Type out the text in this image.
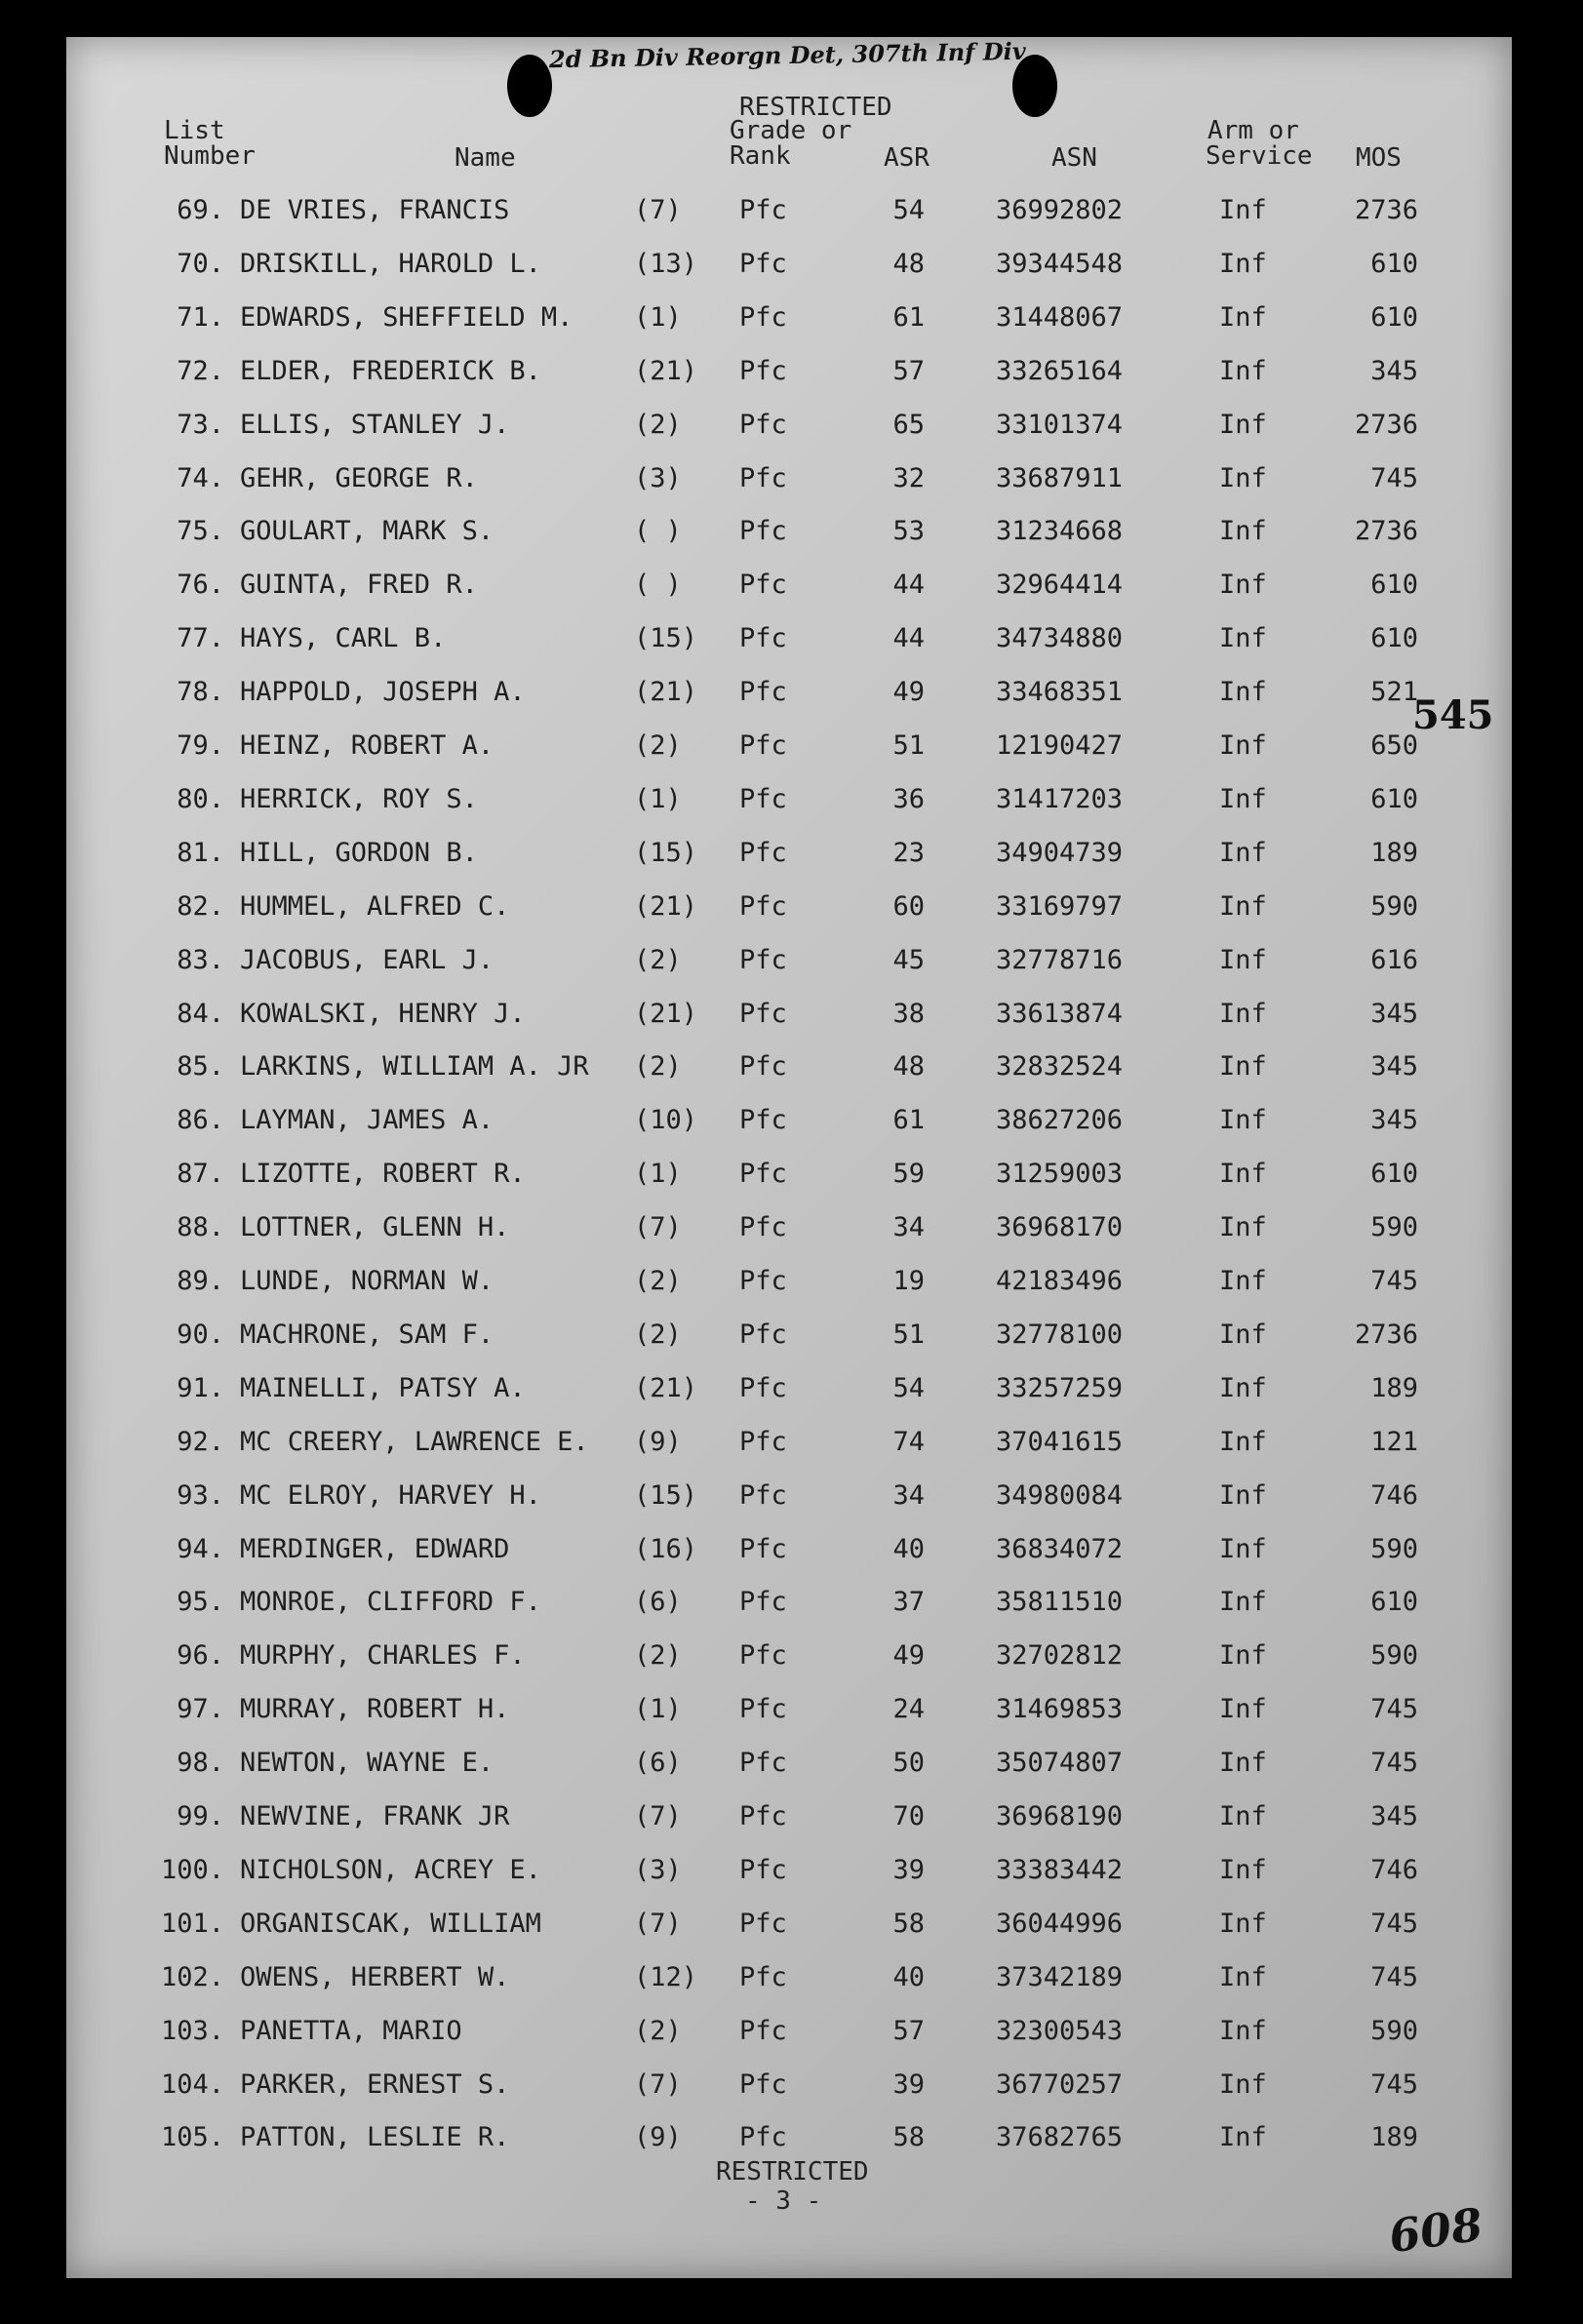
2d Bn Div Reorgn Det, 307th Inf Div
RESTRICTED
List
Number	Name
Grade or
Rank	ASR	ASN
Arm or
Service MOS
69. DE VRIES, FRANCIS	(7) Pfc	54	36992802	Inf	2736
70. DRISKILL, HAROLD L.	(13) Pfc	48	39344548	Inf	610
71. EDWARDS, SHEFFIELD M. (1) Pfc	61	31448067	Inf	610
72. ELDER, FREDERICK B.	(21) Pfc	57	33265164	Inf	345
73. ELLIS, STANLEY J.	(2) Pfc	65	33101374	Inf	2736
74. GEHR, GEORGE R.	(3) Pfc	32	33687911	Inf	745
75. GOULART, MARK S.	( ) Pfc	53	31234668	Inf	2736
76. GUINTA, FRED R.	( ) Pfc	44	32964414	Inf	610
77. HAYS, CARL B.	(15) Pfc	44	34734880	Inf	610
78. HAPPOLD, JOSEPH A.	(21) Pfc	49	33468351	Inf	521
79. HEINZ, ROBERT A.	(2) Pfc	51	12190427	Inf	650
80. HERRICK, ROY S.	(1) Pfc	36	31417203	Inf	610
81. HILL, GORDON B.	(15) Pfc	23	34904739	Inf	189
82. HUMMEL, ALFRED C.	(21) Pfc	60	33169797	Inf	590
83. JACOBUS, EARL J.	(2) Pfc	45	32778716	Inf	616
84. KOWALSKI, HENRY J.	(21) Pfc	38	33613874	Inf	345
85. LARKINS, WILLIAM A. JR (2) Pfc	48	32832524	Inf	345
86. LAYMAN, JAMES A.	(10) Pfc	61	38627206	Inf	345
87. LIZOTTE, ROBERT R.	(1) Pfc	59	31259003	Inf	610
88. LOTTNER, GLENN H.	(7) Pfc	34	36968170	Inf	590
89. LUNDE, NORMAN W.	(2) Pfc	19	42183496	Inf	745
90. MACHRONE, SAM F.	(2) Pfc	51	32778100	Inf	2736
91. MAINELLI, PATSY A.	(21) Pfc	54	33257259	Inf	189
92. MC CREERY, LAWRENCE E. (9) Pfc	74	37041615	Inf	121
93. MC ELROY, HARVEY H.	(15) Pfc	34	34980084	Inf	746
94. MERDINGER, EDWARD	(16) Pfc	40	36834072	Inf	590
95. MONROE, CLIFFORD F.	(6) Pfc	37	35811510	Inf	610
96. MURPHY, CHARLES F.	(2) Pfc	49	32702812	Inf	590
97. MURRAY, ROBERT H.	(1) Pfc	24	31469853	Inf	745
98. NEWTON, WAYNE E.	(6) Pfc	50	35074807	Inf	745
99. NEWVINE, FRANK JR	(7) Pfc	70	36968190	Inf	345
100. NICHOLSON, ACREY E.	(3) Pfc	39	33383442	Inf	746
101. ORGANISCAK, WILLIAM	(7) Pfc	58	36044996	Inf	745
102. OWENS, HERBERT W.	(12) Pfc	40	37342189	Inf	745
103. PANETTA, MARIO	(2) Pfc	57	32300543	Inf	590
104. PARKER, ERNEST S.	(7) Pfc	39	36770257	Inf	745
105. PATTON, LESLIE R.	(9) Pfc	58	37682765	Inf	189
545
RESTRICTED
- 3 -	608
